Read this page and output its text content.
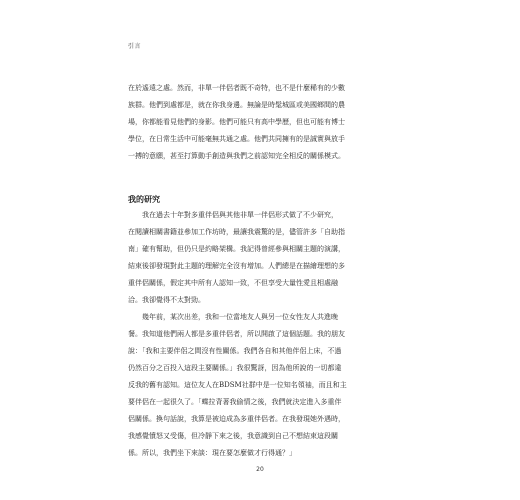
引言
在於遙遠之處。然而，非單一伴侶者既不奇特，也不是什麼稀有的少數
族群。他們到處都是，就在你我身邊。無論是時髦城區或美國鄉間的農
場，你都能看見他們的身影。他們可能只有高中學歷，但也可能有博士
學位，在日常生活中可能毫無共通之處。他們共同擁有的是誠實與放手
一搏的意願，甚至打算動手創造與我們之前認知完全相反的關係模式。
我的研究
我在過去十年對多重伴侶與其他非單一伴侶形式做了不少研究，
在閱讀相關書籍並參加工作坊時，最讓我震驚的是，儘管許多「自助指
南」確有幫助，但仍只是約略架構。我記得曾經參與相關主題的演講，
結束後卻發現對此主題的理解完全沒有增加。人們總是在描繪理想的多
重伴侶關係，假定其中所有人認知一致，不但享受大量性愛且相處融
洽。我卻覺得不太對勁。
幾年前，某次出差，我和一位當地友人與另一位女性友人共進晚
餐。我知道他們兩人都是多重伴侶者，所以開啟了這個話題。我的朋友
說：「我和主要伴侶之間沒有性關係。我們各自和其他伴侶上床，不過
仍然百分之百投入這段主要關係。」我很驚訝，因為他所說的一切都違
反我的舊有認知。這位友人在BDSM社群中是一位知名領袖，而且和主
要伴侶在一起很久了。「蝶拉背著我偷情之後，我們就決定進入多重伴
侶關係。換句話說，我算是被迫成為多重伴侶者。在我發現她外遇時，
我感覺憤怒又受傷，但冷靜下來之後，我意識到自己不想結束這段關
係。所以，我們坐下來談：現在要怎麼做才行得通？」
20
